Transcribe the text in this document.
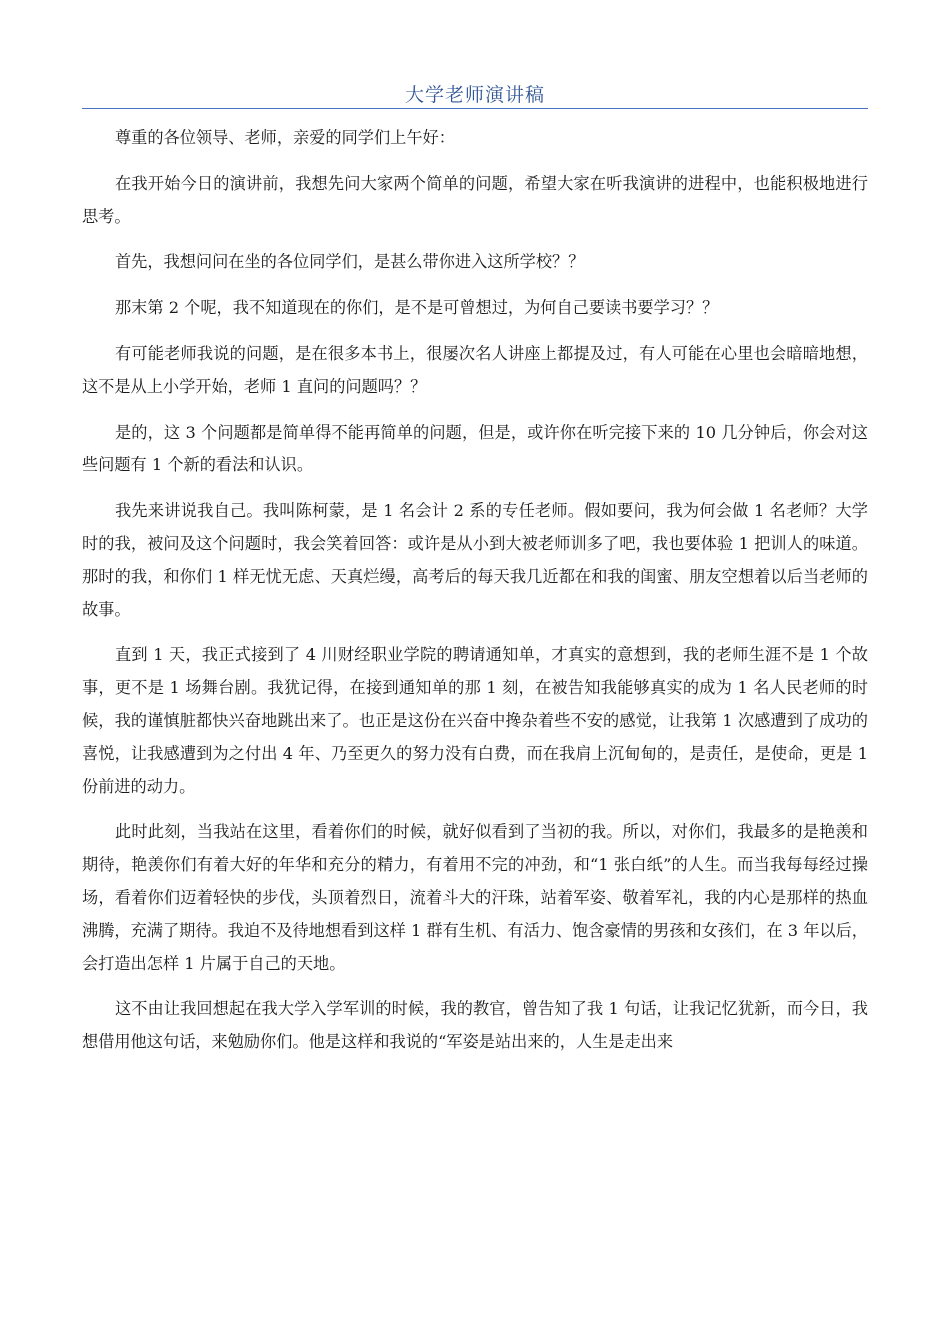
大学老师演讲稿

尊重的各位领导、老师，亲爱的同学们上午好：

在我开始今日的演讲前，我想先问大家两个简单的问题，希望大家在听我演讲的进程中，也能积极地进行思考。

首先，我想问问在坐的各位同学们，是甚么带你进入这所学校？？

那末第 2 个呢，我不知道现在的你们，是不是可曾想过，为何自己要读书要学习？？

有可能老师我说的问题，是在很多本书上，很屡次名人讲座上都提及过，有人可能在心里也会暗暗地想，这不是从上小学开始，老师 1 直问的问题吗？？

是的，这 3 个问题都是简单得不能再简单的问题，但是，或许你在听完接下来的 10 几分钟后，你会对这些问题有 1 个新的看法和认识。

我先来讲说我自己。我叫陈柯蒙，是 1 名会计 2 系的专任老师。假如要问，我为何会做 1 名老师？大学时的我，被问及这个问题时，我会笑着回答：或许是从小到大被老师训多了吧，我也要体验 1 把训人的味道。那时的我，和你们 1 样无忧无虑、天真烂缦，高考后的每天我几近都在和我的闺蜜、朋友空想着以后当老师的故事。

直到 1 天，我正式接到了 4 川财经职业学院的聘请通知单，才真实的意想到，我的老师生涯不是 1 个故事，更不是 1 场舞台剧。我犹记得，在接到通知单的那 1 刻，在被告知我能够真实的成为 1 名人民老师的时候，我的谨慎脏都快兴奋地跳出来了。也正是这份在兴奋中搀杂着些不安的感觉，让我第 1 次感遭到了成功的喜悦，让我感遭到为之付出 4 年、乃至更久的努力没有白费，而在我肩上沉甸甸的，是责任，是使命，更是 1 份前进的动力。

此时此刻，当我站在这里，看着你们的时候，就好似看到了当初的我。所以，对你们，我最多的是艳羡和期待，艳羡你们有着大好的年华和充分的精力，有着用不完的冲劲，和“1 张白纸”的人生。而当我每每经过操场，看着你们迈着轻快的步伐，头顶着烈日，流着斗大的汗珠，站着军姿、敬着军礼，我的内心是那样的热血沸腾，充满了期待。我迫不及待地想看到这样 1 群有生机、有活力、饱含豪情的男孩和女孩们，在 3 年以后，会打造出怎样 1 片属于自己的天地。

这不由让我回想起在我大学入学军训的时候，我的教官，曾告知了我 1 句话，让我记忆犹新，而今日，我想借用他这句话，来勉励你们。他是这样和我说的“军姿是站出来的，人生是走出来
